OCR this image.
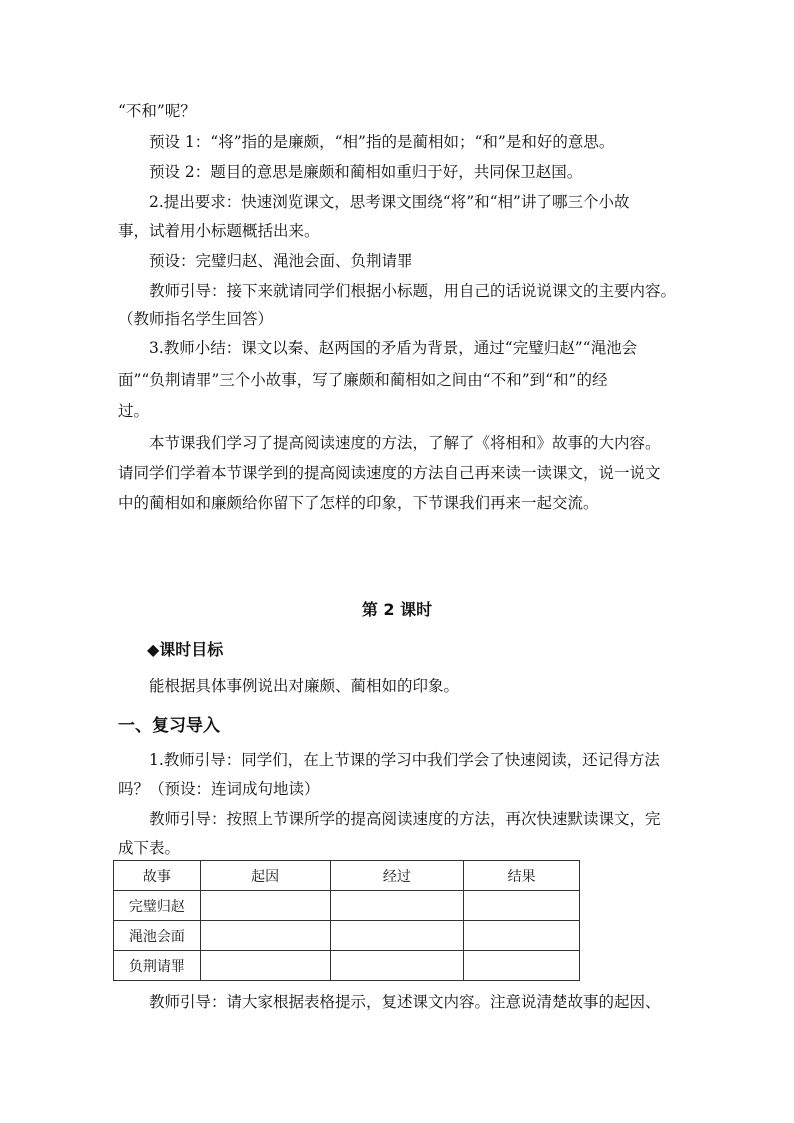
“不和”呢？
预设 1：“将”指的是廉颇，“相”指的是蔺相如；“和”是和好的意思。
预设 2：题目的意思是廉颇和蔺相如重归于好，共同保卫赵国。
2.提出要求：快速浏览课文，思考课文围绕“将”和“相”讲了哪三个小故
事，试着用小标题概括出来。
预设：完璧归赵、渑池会面、负荆请罪
教师引导：接下来就请同学们根据小标题，用自己的话说说课文的主要内容。
（教师指名学生回答）
3.教师小结：课文以秦、赵两国的矛盾为背景，通过“完璧归赵”“渑池会
面”“负荆请罪”三个小故事，写了廉颇和蔺相如之间由“不和”到“和”的经
过。
本节课我们学习了提高阅读速度的方法，了解了《将相和》故事的大内容。
请同学们学着本节课学到的提高阅读速度的方法自己再来读一读课文，说一说文
中的蔺相如和廉颇给你留下了怎样的印象，下节课我们再来一起交流。
第 2 课时
◆课时目标
能根据具体事例说出对廉颇、蔺相如的印象。
一、复习导入
1.教师引导：同学们，在上节课的学习中我们学会了快速阅读，还记得方法
吗？（预设：连词成句地读）
教师引导：按照上节课所学的提高阅读速度的方法，再次快速默读课文，完
成下表。
故事	起因	经过	结果
完璧归赵			
渑池会面			
负荆请罪			
教师引导：请大家根据表格提示，复述课文内容。注意说清楚故事的起因、
